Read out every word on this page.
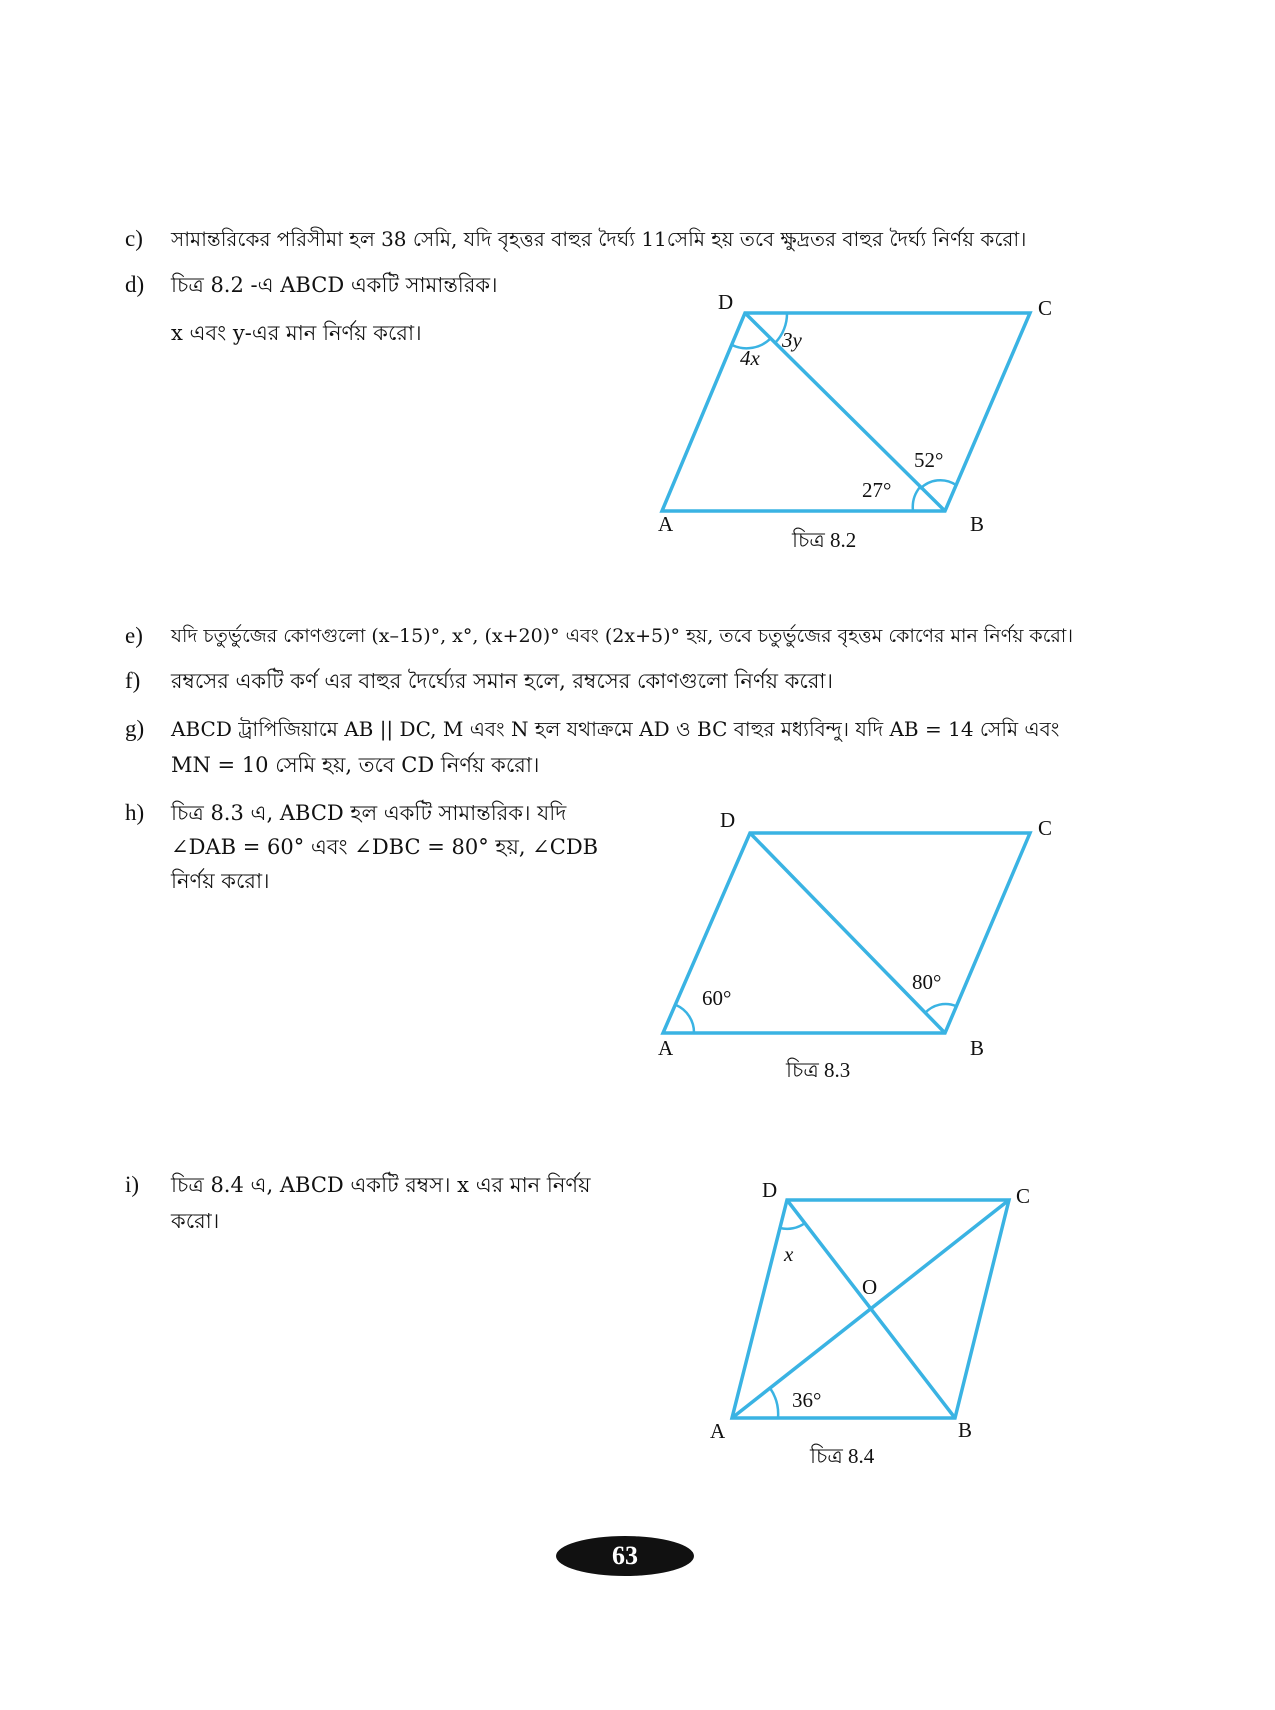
c) সামান্তরিকের পরিসীমা হল 38 সেমি, যদি বৃহত্তর বাহুর দৈর্ঘ্য 11সেমি হয় তবে ক্ষুদ্রতর বাহুর দৈর্ঘ্য নির্ণয় করো।
d) চিত্র 8.2 -এ ABCD একটি সামান্তরিক।
x এবং y-এর মান নির্ণয় করো।
D	C
A	B
4x
3y
27°
52°
চিত্র 8.2
e) যদি চতুর্ভুজের কোণগুলো (x–15)°, x°, (x+20)° এবং (2x+5)° হয়, তবে চতুর্ভুজের বৃহত্তম কোণের মান নির্ণয় করো।
f) রম্বসের একটি কর্ণ এর বাহুর দৈর্ঘ্যের সমান হলে, রম্বসের কোণগুলো নির্ণয় করো।
g) ABCD ট্রাপিজিয়ামে AB || DC, M এবং N হল যথাক্রমে AD ও BC বাহুর মধ্যবিন্দু। যদি AB = 14 সেমি এবং
MN = 10 সেমি হয়, তবে CD নির্ণয় করো।
h) চিত্র 8.3 এ, ABCD হল একটি সামান্তরিক। যদি
∠DAB = 60° এবং ∠DBC = 80° হয়, ∠CDB
নির্ণয় করো।
D	C
A	B
60°
80°
চিত্র 8.3
i) চিত্র 8.4 এ, ABCD একটি রম্বস। x এর মান নির্ণয়
করো।
D	C
A	B
O
x
36°
চিত্র 8.4
63
